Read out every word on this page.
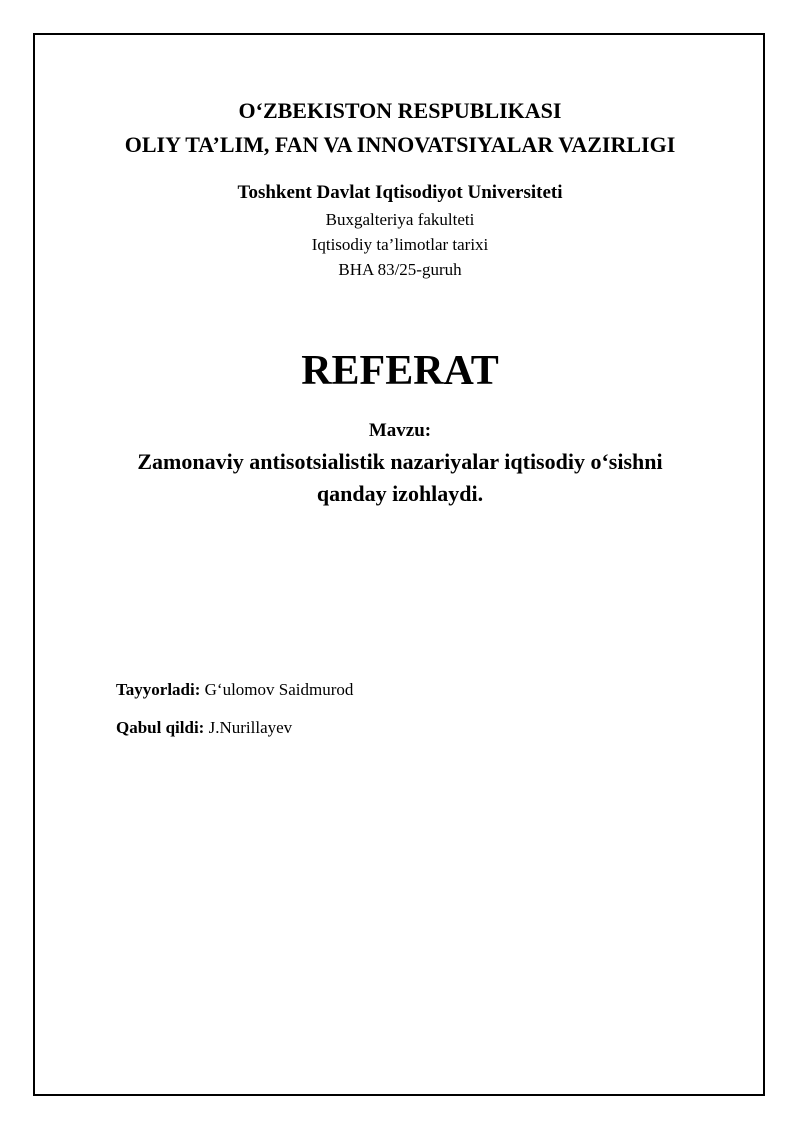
O‘ZBEKISTON RESPUBLIKASI
OLIY TA’LIM, FAN VA INNOVATSIYALAR VAZIRLIGI
Toshkent Davlat Iqtisodiyot Universiteti
Buxgalteriya fakulteti
Iqtisodiy ta’limotlar tarixi
BHA 83/25-guruh
REFERAT
Mavzu:
Zamonaviy antisotsialistik nazariyalar iqtisodiy o‘sishni
qanday izohlaydi.
Tayyorladi: G‘ulomov Saidmurod
Qabul qildi: J.Nurillayev
